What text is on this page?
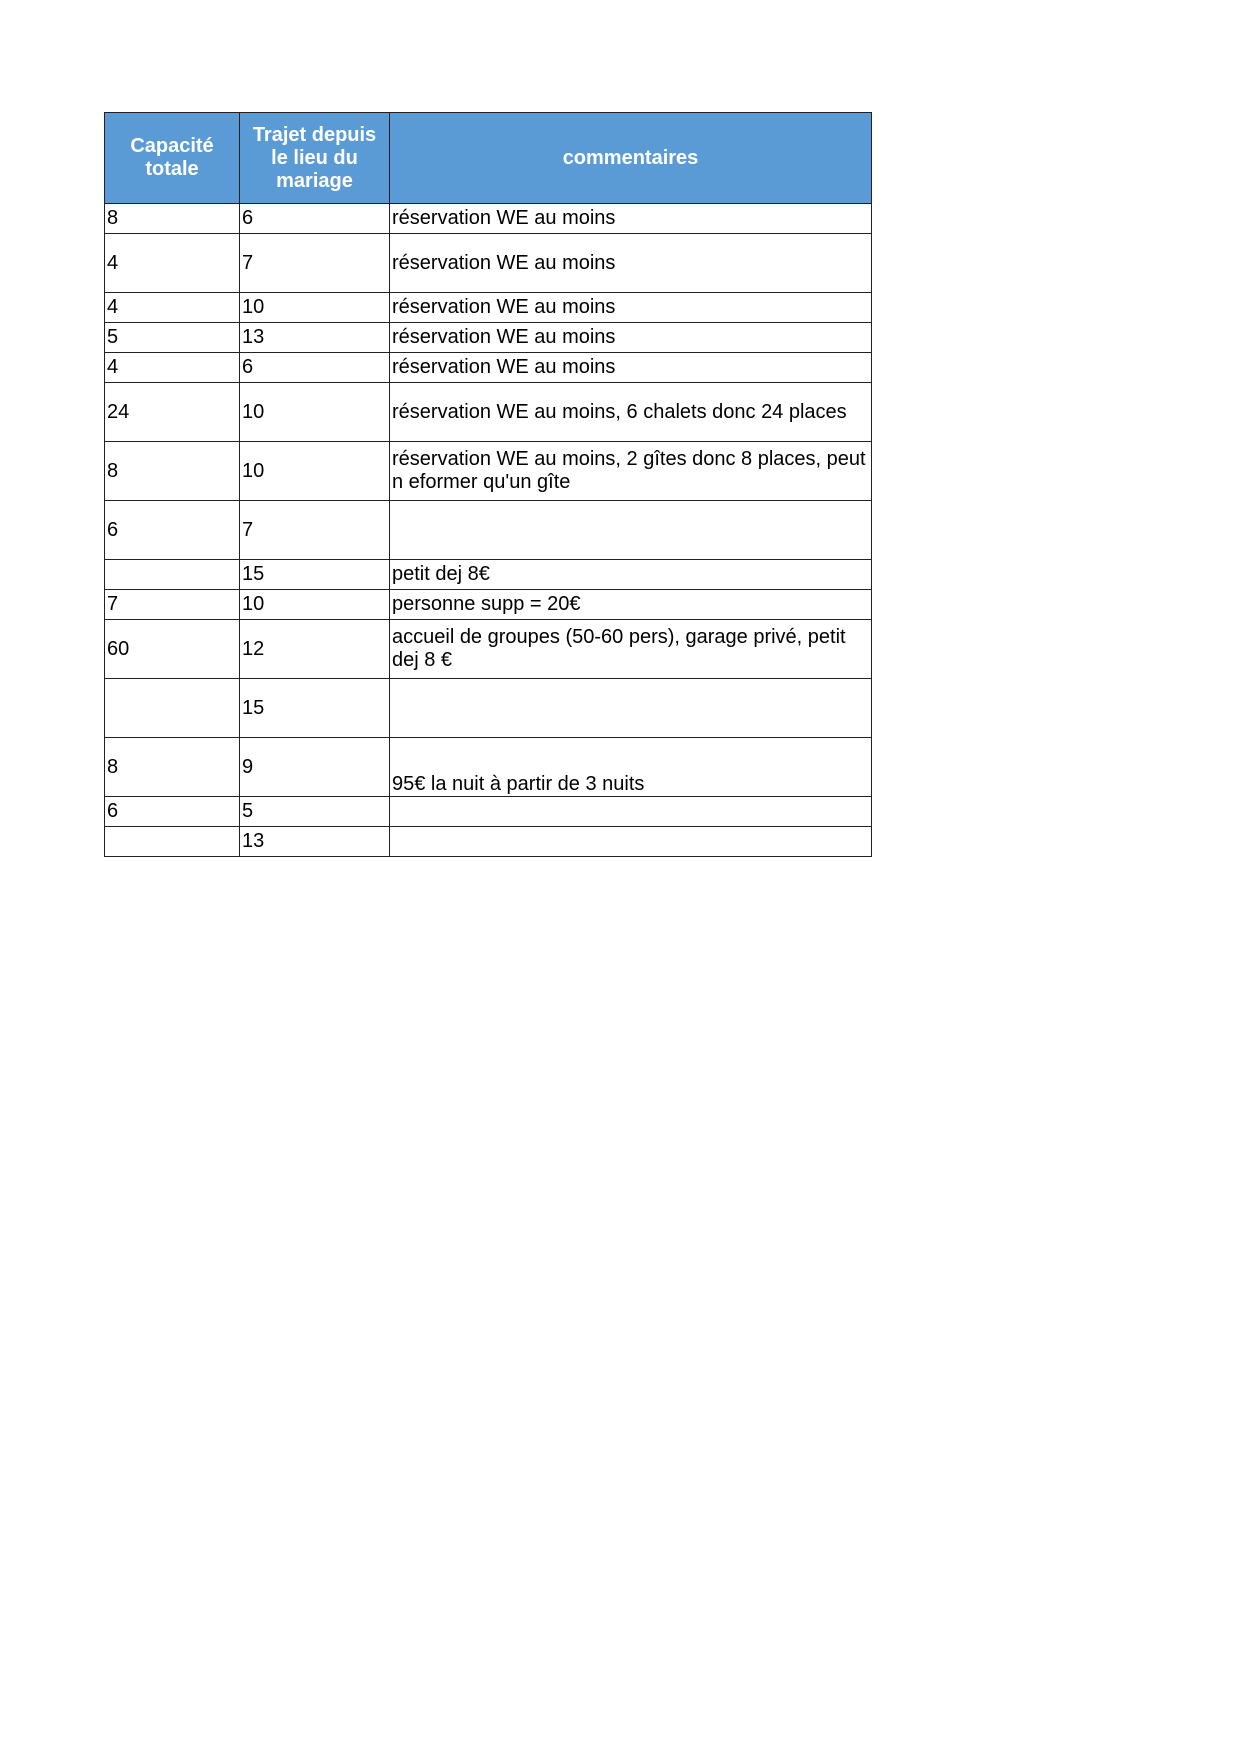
Capacité totale	Trajet depuis le lieu du mariage	commentaires
8	6	réservation WE au moins
4	7	réservation WE au moins
4	10	réservation WE au moins
5	13	réservation WE au moins
4	6	réservation WE au moins
24	10	réservation WE au moins, 6 chalets donc 24 places
8	10	réservation WE au moins, 2 gîtes donc 8 places, peut n eformer qu'un gîte
6	7	
	15	petit dej 8€
7	10	personne supp = 20€
60	12	accueil de groupes (50-60 pers), garage privé, petit dej 8 €
	15	
8	9	95€ la nuit à partir de 3 nuits
6	5	
	13	
